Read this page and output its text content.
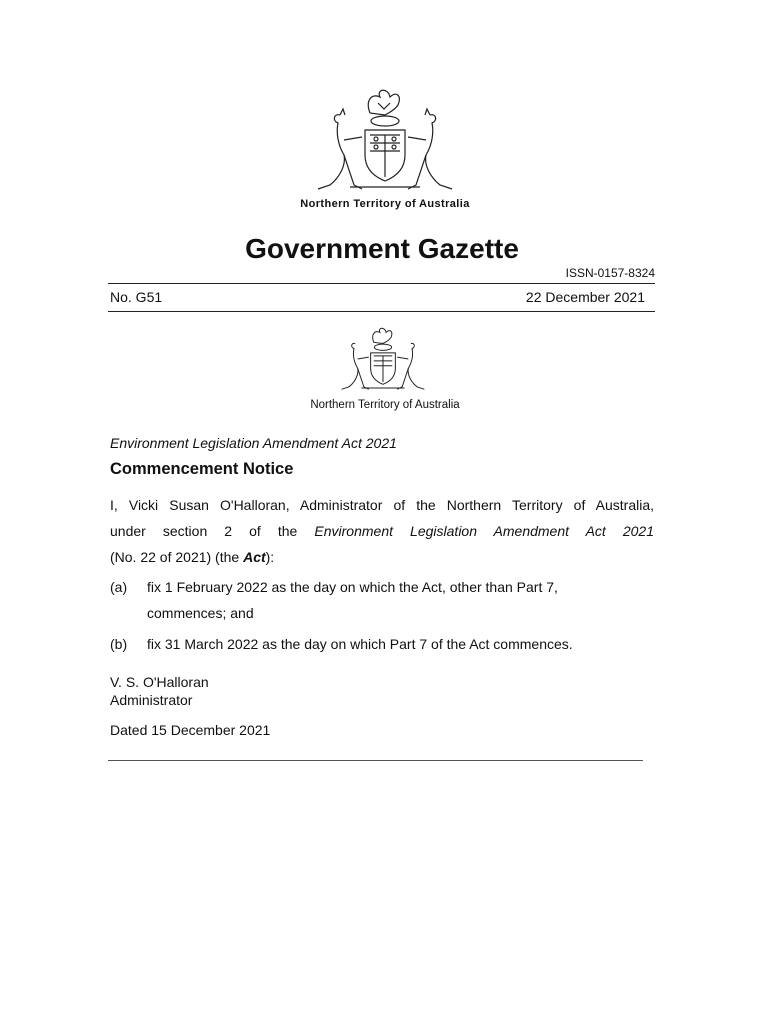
Northern Territory of Australia
Government Gazette
ISSN-0157-8324
No. G51	22 December 2021
Northern Territory of Australia
Environment Legislation Amendment Act 2021
Commencement Notice
I, Vicki Susan O'Halloran, Administrator of the Northern Territory of Australia,
under section 2 of the Environment Legislation Amendment Act 2021
(No. 22 of 2021) (the Act):
(a) fix 1 February 2022 as the day on which the Act, other than Part 7,
commences; and
(b) fix 31 March 2022 as the day on which Part 7 of the Act commences.
V. S. O'Halloran
Administrator
Dated 15 December 2021
